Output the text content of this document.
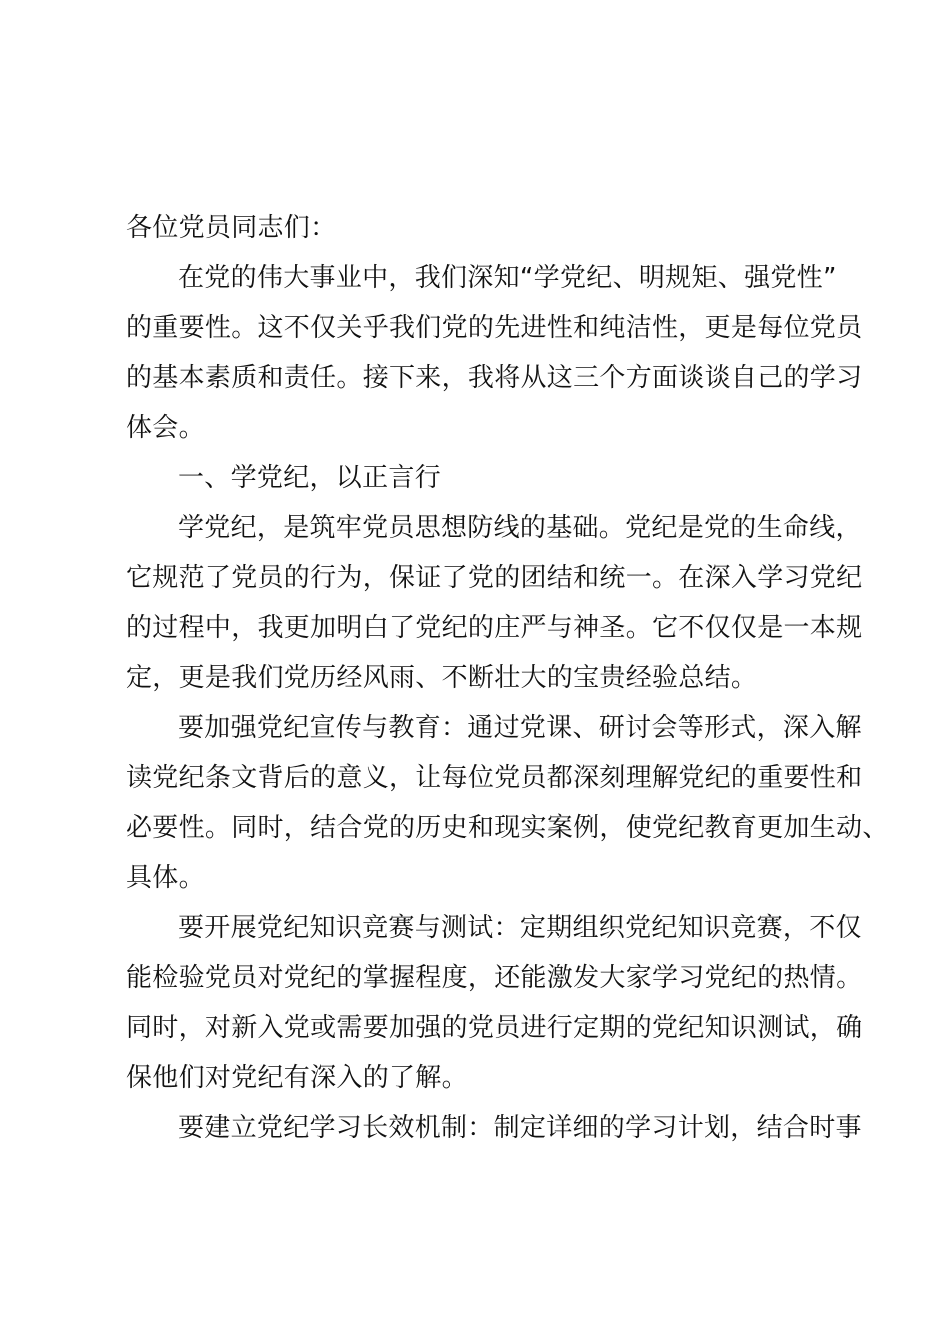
各位党员同志们：
在党的伟大事业中，我们深知“学党纪、明规矩、强党性”
的重要性。这不仅关乎我们党的先进性和纯洁性，更是每位党员
的基本素质和责任。接下来，我将从这三个方面谈谈自己的学习
体会。
一、学党纪，以正言行
学党纪，是筑牢党员思想防线的基础。党纪是党的生命线，
它规范了党员的行为，保证了党的团结和统一。在深入学习党纪
的过程中，我更加明白了党纪的庄严与神圣。它不仅仅是一本规
定，更是我们党历经风雨、不断壮大的宝贵经验总结。
要加强党纪宣传与教育：通过党课、研讨会等形式，深入解
读党纪条文背后的意义，让每位党员都深刻理解党纪的重要性和
必要性。同时，结合党的历史和现实案例，使党纪教育更加生动、
具体。
要开展党纪知识竞赛与测试：定期组织党纪知识竞赛，不仅
能检验党员对党纪的掌握程度，还能激发大家学习党纪的热情。
同时，对新入党或需要加强的党员进行定期的党纪知识测试，确
保他们对党纪有深入的了解。
要建立党纪学习长效机制：制定详细的学习计划，结合时事
